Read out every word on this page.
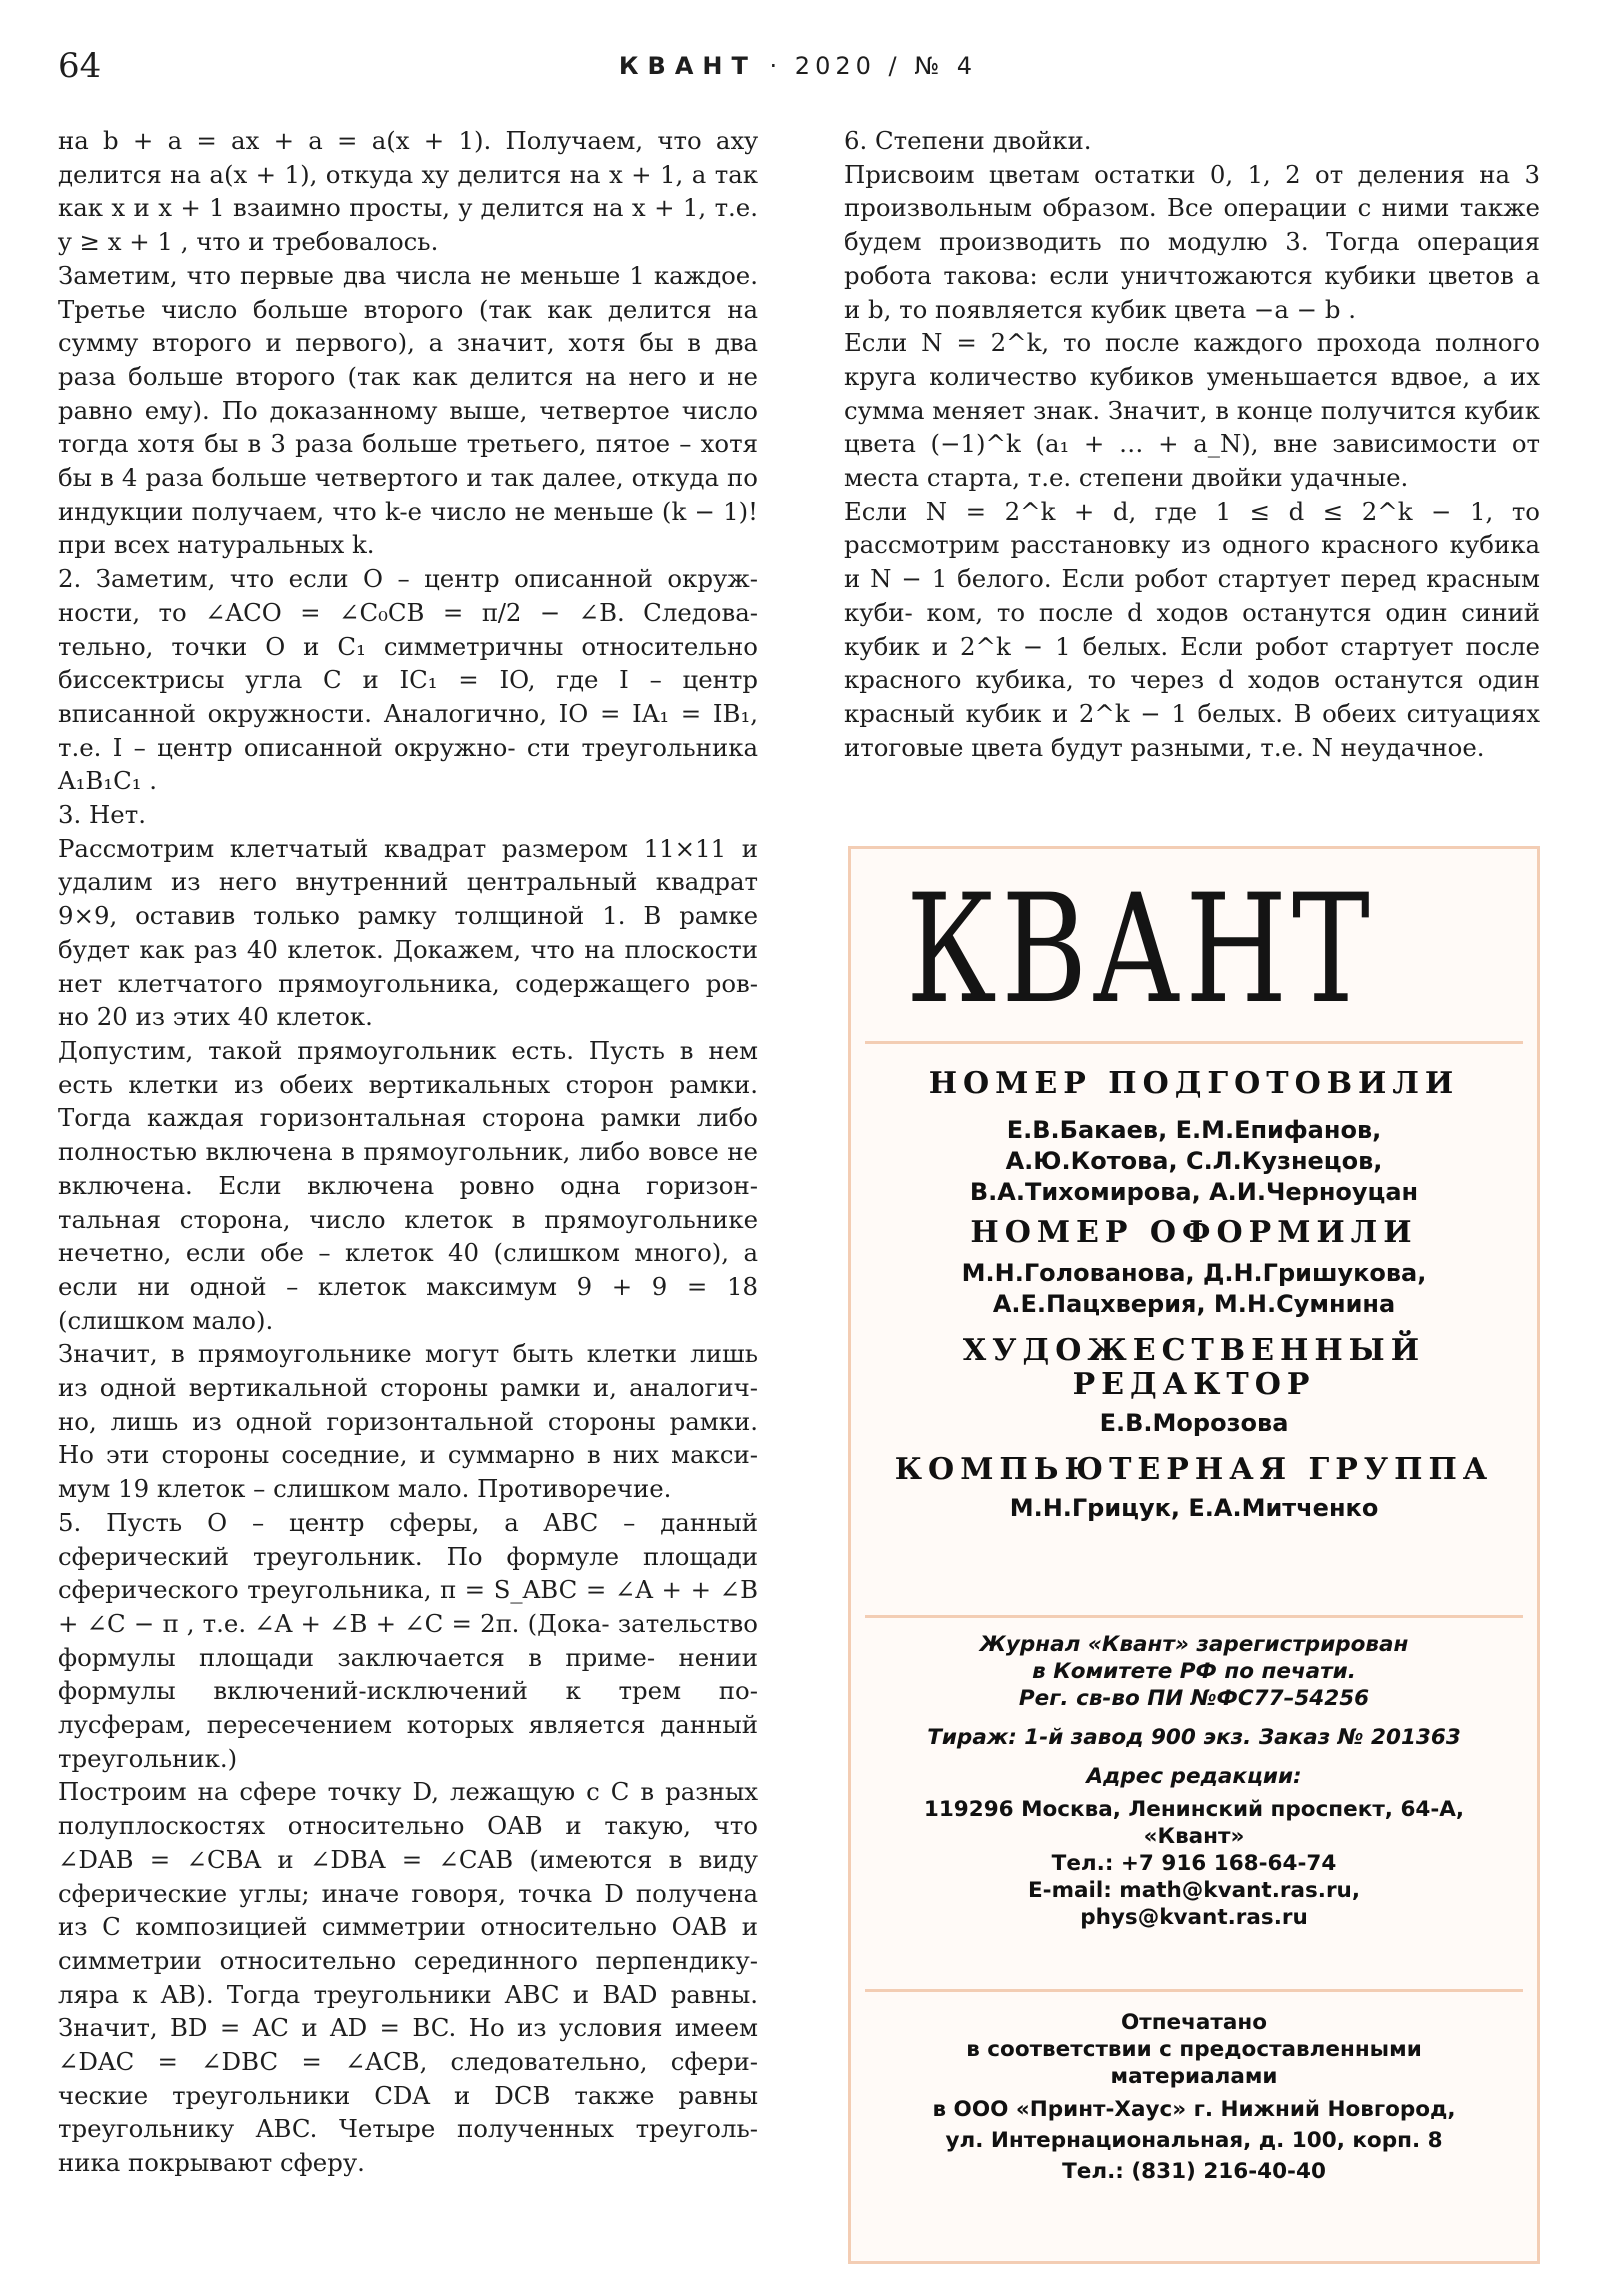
64	КВАНТ · 2020 / № 4

на b + a = ax + a = a(x + 1). Получаем, что axy делится на a(x + 1), откуда xy делится на x + 1, а так как x и x + 1 взаимно просты, y делится на x + 1, т.е. y ≥ x + 1 , что и требовалось.

Заметим, что первые два числа не меньше 1 каждое. Третье число больше второго (так как делится на сумму второго и первого), а значит, хотя бы в два раза больше второго (так как делится на него и не равно ему). По доказанному выше, четвертое число тогда хотя бы в 3 раза больше третьего, пятое – хотя бы в 4 раза больше четвертого и так далее, откуда по индукции получаем, что k-е число не меньше (k − 1)! при всех натуральных k.

2. Заметим, что если O – центр описанной окруж- ности, то ∠ACO = ∠C₀CB = π/2 − ∠B. Следова- тельно, точки O и C₁ симметричны относительно биссектрисы угла C и IC₁ = IO, где I – центр вписанной окружности. Аналогично, IO = IA₁ = IB₁, т.е. I – центр описанной окружно- сти треугольника A₁B₁C₁ .

3. Нет.

Рассмотрим клетчатый квадрат размером 11×11 и удалим из него внутренний центральный квадрат 9×9, оставив только рамку толщиной 1. В рамке будет как раз 40 клеток. Докажем, что на плоскости нет клетчатого прямоугольника, содержащего ров- но 20 из этих 40 клеток.

Допустим, такой прямоугольник есть. Пусть в нем есть клетки из обеих вертикальных сторон рамки. Тогда каждая горизонтальная сторона рамки либо полностью включена в прямоугольник, либо вовсе не включена. Если включена ровно одна горизон- тальная сторона, число клеток в прямоугольнике нечетно, если обе – клеток 40 (слишком много), а если ни одной – клеток максимум 9 + 9 = 18 (слишком мало).

Значит, в прямоугольнике могут быть клетки лишь из одной вертикальной стороны рамки и, аналогич- но, лишь из одной горизонтальной стороны рамки. Но эти стороны соседние, и суммарно в них макси- мум 19 клеток – слишком мало. Противоречие.

5. Пусть O – центр сферы, а ABC – данный сферический треугольник. По формуле площади сферического треугольника, π = S_ABC = ∠A + + ∠B + ∠C − π , т.е. ∠A + ∠B + ∠C = 2π. (Дока- зательство формулы площади заключается в приме- нении формулы включений-исключений к трем по- лусферам, пересечением которых является данный треугольник.)

Построим на сфере точку D, лежащую с C в разных полуплоскостях относительно OAB и такую, что ∠DAB = ∠CBA и ∠DBA = ∠CAB (имеются в виду сферические углы; иначе говоря, точка D получена из C композицией симметрии относительно OAB и симметрии относительно серединного перпендику- ляра к AB). Тогда треугольники ABC и BAD равны. Значит, BD = AC и AD = BC. Но из условия имеем ∠DAC = ∠DBC = ∠ACB, следовательно, сфери- ческие треугольники CDA и DCB также равны треугольнику ABC. Четыре полученных треуголь- ника покрывают сферу.

6. Степени двойки.

Присвоим цветам остатки 0, 1, 2 от деления на 3 произвольным образом. Все операции с ними также будем производить по модулю 3. Тогда операция робота такова: если уничтожаются кубики цветов a и b, то появляется кубик цвета −a − b .

Если N = 2^k, то после каждого прохода полного круга количество кубиков уменьшается вдвое, а их сумма меняет знак. Значит, в конце получится кубик цвета (−1)^k (a₁ + … + a_N), вне зависимости от места старта, т.е. степени двойки удачные.

Если N = 2^k + d, где 1 ≤ d ≤ 2^k − 1, то рассмотрим расстановку из одного красного кубика и N − 1 белого. Если робот стартует перед красным куби- ком, то после d ходов останутся один синий кубик и 2^k − 1 белых. Если робот стартует после красного кубика, то через d ходов останутся один красный кубик и 2^k − 1 белых. В обеих ситуациях итоговые цвета будут разными, т.е. N неудачное.

КВАНТ

НОМЕР ПОДГОТОВИЛИ

Е.В.Бакаев, Е.М.Епифанов,

А.Ю.Котова, С.Л.Кузнецов,

В.А.Тихомирова, А.И.Черноуцан

НОМЕР ОФОРМИЛИ

М.Н.Голованова, Д.Н.Гришукова,

А.Е.Пацхверия, М.Н.Сумнина

ХУДОЖЕСТВЕННЫЙ

РЕДАКТОР

Е.В.Морозова

КОМПЬЮТЕРНАЯ ГРУППА

М.Н.Грицук, Е.А.Митченко

Журнал «Квант» зарегистрирован

в Комитете РФ по печати.

Рег. св-во ПИ №ФС77–54256

Тираж: 1-й завод 900 экз. Заказ № 201363

Адрес редакции:

119296 Москва, Ленинский проспект, 64-А,

«Квант»

Тел.: +7 916 168-64-74

E-mail: math@kvant.ras.ru,

phys@kvant.ras.ru

Отпечатано

в соответствии с предоставленными

материалами

в ООО «Принт-Хаус» г. Нижний Новгород,

ул. Интернациональная, д. 100, корп. 8

Тел.: (831) 216-40-40
